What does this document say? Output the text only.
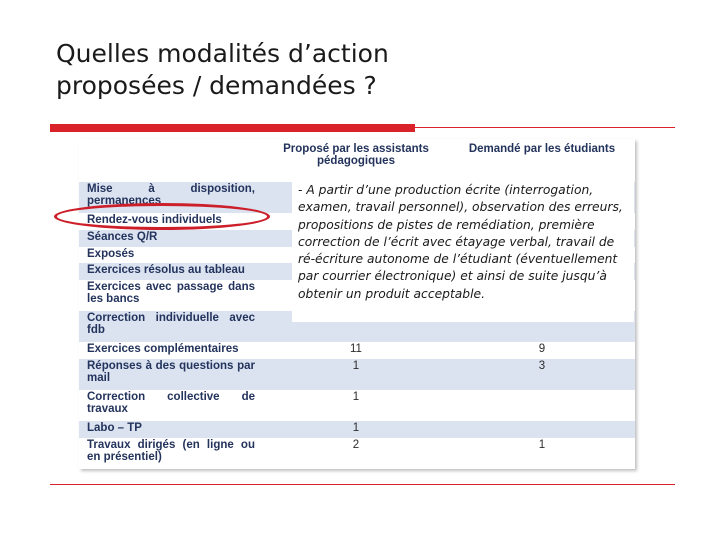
Quelles modalités d’action
proposées / demandées ?
	Proposé par les assistants pédagogiques	Demandé par les étudiants
Mise à disposition, permanences		
Rendez-vous individuels		
Séances Q/R		
Exposés		
Exercices résolus au tableau		
Exercices avec passage dans les bancs		
Correction individuelle avec fdb		
Exercices complémentaires	11	9
Réponses à des questions par mail	1	3
Correction collective de travaux	1	
Labo – TP	1	
Travaux dirigés (en ligne ou en présentiel)	2	1
- A partir d’une production écrite (interrogation, examen, travail personnel), observation des erreurs, propositions de pistes de remédiation, première correction de l’écrit avec étayage verbal, travail de ré-écriture autonome de l’étudiant (éventuellement par courrier électronique) et ainsi de suite jusqu’à obtenir un produit acceptable.
